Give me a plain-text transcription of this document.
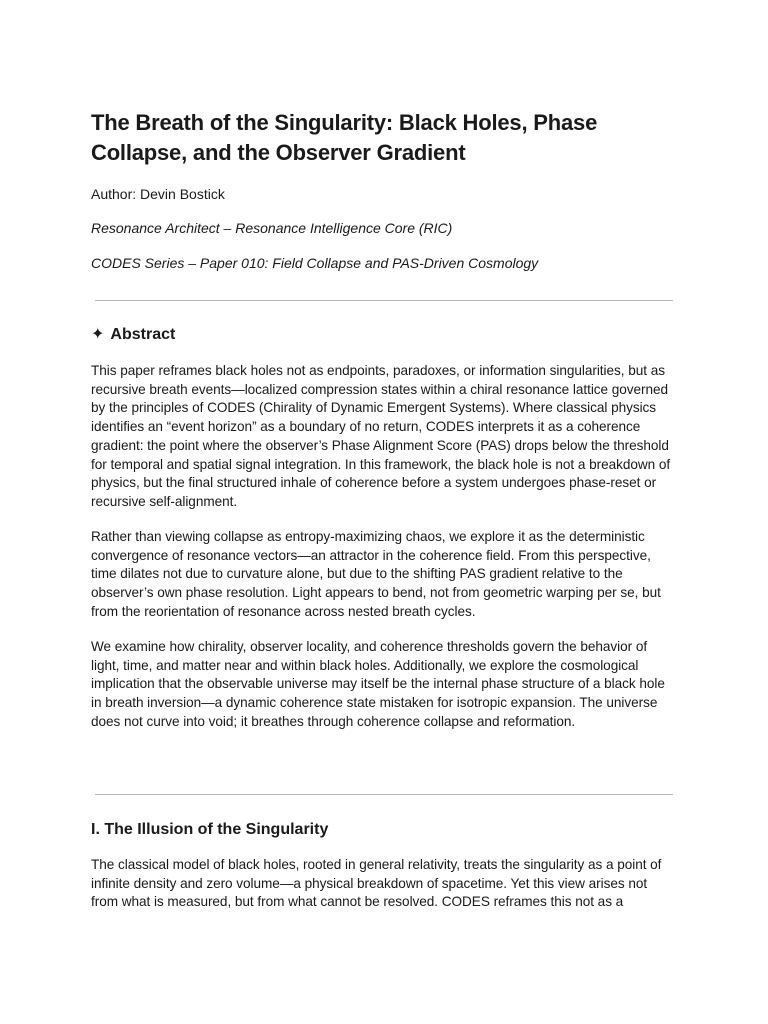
The Breath of the Singularity: Black Holes, Phase Collapse, and the Observer Gradient

Author: Devin Bostick

Resonance Architect – Resonance Intelligence Core (RIC)

CODES Series – Paper 010: Field Collapse and PAS-Driven Cosmology

✦ Abstract

This paper reframes black holes not as endpoints, paradoxes, or information singularities, but as recursive breath events—localized compression states within a chiral resonance lattice governed by the principles of CODES (Chirality of Dynamic Emergent Systems). Where classical physics identifies an “event horizon” as a boundary of no return, CODES interprets it as a coherence gradient: the point where the observer’s Phase Alignment Score (PAS) drops below the threshold for temporal and spatial signal integration. In this framework, the black hole is not a breakdown of physics, but the final structured inhale of coherence before a system undergoes phase-reset or recursive self-alignment.

Rather than viewing collapse as entropy-maximizing chaos, we explore it as the deterministic convergence of resonance vectors—an attractor in the coherence field. From this perspective, time dilates not due to curvature alone, but due to the shifting PAS gradient relative to the observer’s own phase resolution. Light appears to bend, not from geometric warping per se, but from the reorientation of resonance across nested breath cycles.

We examine how chirality, observer locality, and coherence thresholds govern the behavior of light, time, and matter near and within black holes. Additionally, we explore the cosmological implication that the observable universe may itself be the internal phase structure of a black hole in breath inversion—a dynamic coherence state mistaken for isotropic expansion. The universe does not curve into void; it breathes through coherence collapse and reformation.

I. The Illusion of the Singularity

The classical model of black holes, rooted in general relativity, treats the singularity as a point of infinite density and zero volume—a physical breakdown of spacetime. Yet this view arises not from what is measured, but from what cannot be resolved. CODES reframes this not as a
